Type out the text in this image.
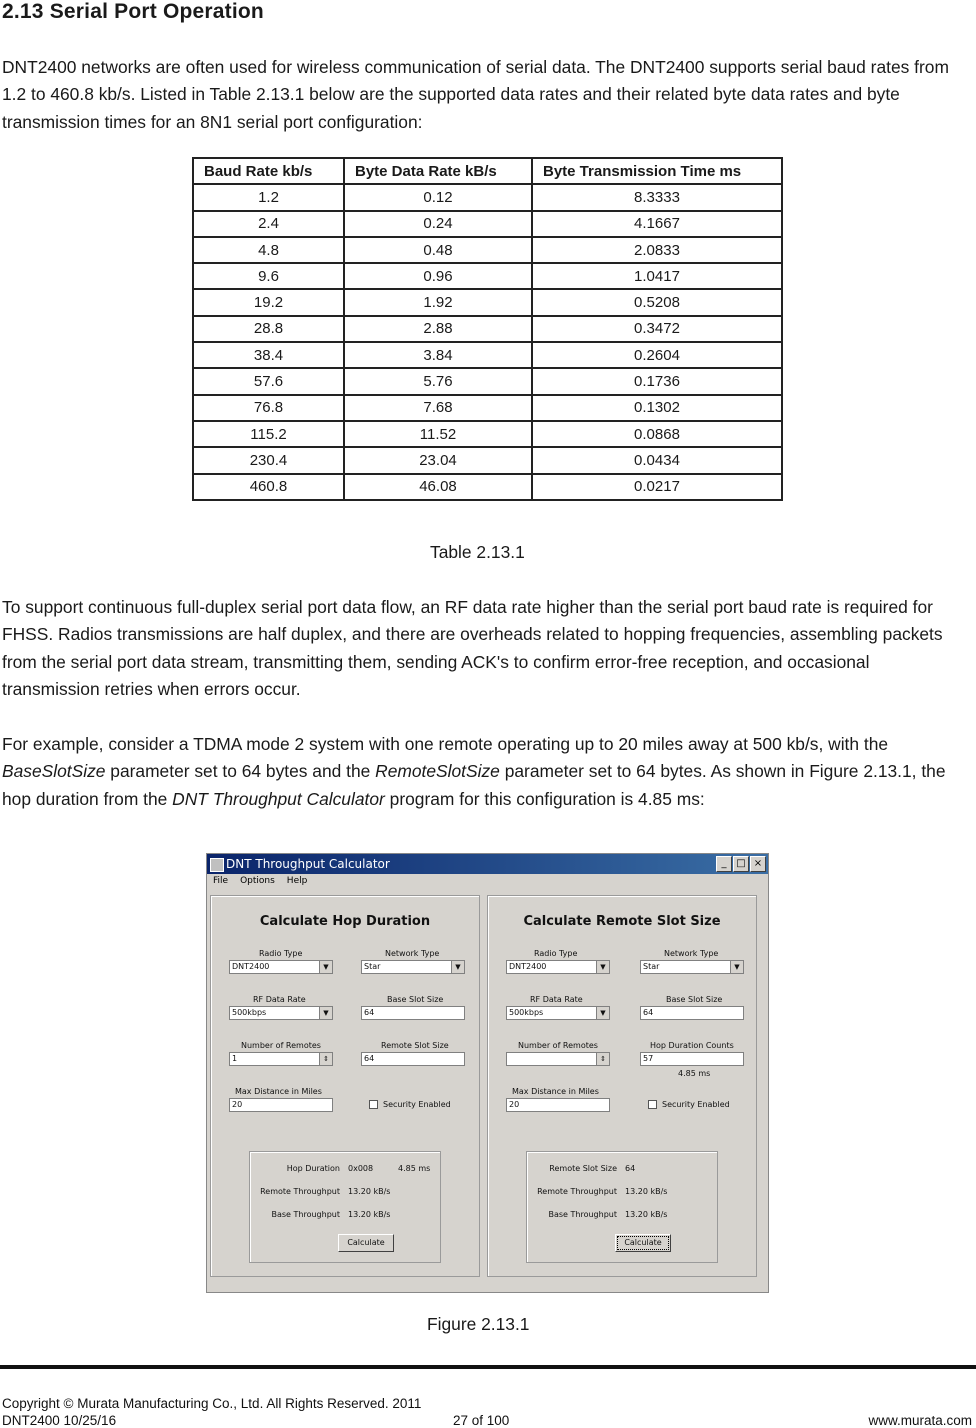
2.13 Serial Port Operation
DNT2400 networks are often used for wireless communication of serial data. The DNT2400 supports serial baud rates from 1.2 to 460.8 kb/s. Listed in Table 2.13.1 below are the supported data rates and their related byte data rates and byte transmission times for an 8N1 serial port configuration:
Baud Rate kb/s	Byte Data Rate kB/s	Byte Transmission Time ms
1.2	0.12	8.3333
2.4	0.24	4.1667
4.8	0.48	2.0833
9.6	0.96	1.0417
19.2	1.92	0.5208
28.8	2.88	0.3472
38.4	3.84	0.2604
57.6	5.76	0.1736
76.8	7.68	0.1302
115.2	11.52	0.0868
230.4	23.04	0.0434
460.8	46.08	0.0217
Table 2.13.1
To support continuous full-duplex serial port data flow, an RF data rate higher than the serial port baud rate is required for FHSS. Radios transmissions are half duplex, and there are overheads related to hopping frequencies, assembling packets from the serial port data stream, transmitting them, sending ACK's to confirm error-free reception, and occasional transmission retries when errors occur.
For example, consider a TDMA mode 2 system with one remote operating up to 20 miles away at 500 kb/s, with the BaseSlotSize parameter set to 64 bytes and the RemoteSlotSize parameter set to 64 bytes. As shown in Figure 2.13.1, the hop duration from the DNT Throughput Calculator program for this configuration is 4.85 ms:
DNT Throughput Calculator	_ □ ×
File Options Help
Calculate Hop Duration
Radio Type
DNT2400	▼
Network Type
Star	▼
RF Data Rate
500kbps	▼
Base Slot Size
64
Number of Remotes
1	⇕
Remote Slot Size
64
Max Distance in Miles
20	Security Enabled
Hop Duration 0x008	4.85 ms
Remote Throughput 13.20 kB/s
Base Throughput 13.20 kB/s
Calculate
Calculate Remote Slot Size
Radio Type
DNT2400	▼
Network Type
Star	▼
RF Data Rate
500kbps	▼
Base Slot Size
64
Number of Remotes
⇕
Hop Duration Counts
57
4.85 ms
Max Distance in Miles
20	Security Enabled
Remote Slot Size 64
Remote Throughput 13.20 kB/s
Base Throughput 13.20 kB/s
Calculate
Figure 2.13.1
Copyright © Murata Manufacturing Co., Ltd. All Rights Reserved. 2011
DNT2400 10/25/16	27 of 100	www.murata.com
